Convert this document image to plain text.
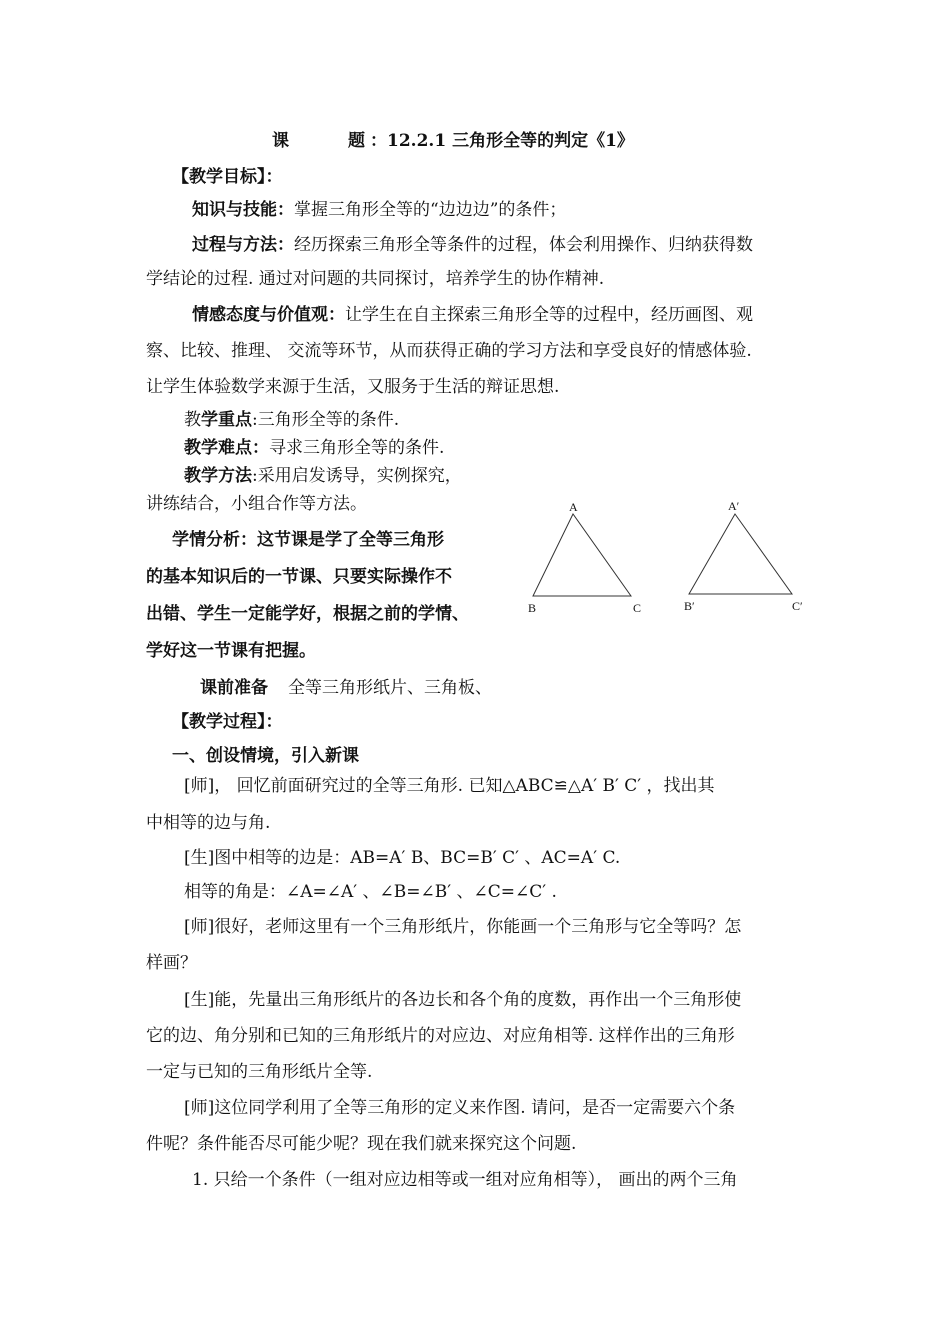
课	题 ：12.2.1 三角形全等的判定《1》
【教学目标】：
知识与技能：掌握三角形全等的“边边边”的条件；
过程与方法：经历探索三角形全等条件的过程，体会利用操作、归纳获得数
学结论的过程. 通过对问题的共同探讨，培养学生的协作精神.
情感态度与价值观：让学生在自主探索三角形全等的过程中，经历画图、观
察、比较、推理、 交流等环节，从而获得正确的学习方法和享受良好的情感体验.
让学生体验数学来源于生活，又服务于生活的辩证思想.
教学重点:三角形全等的条件.
教学难点：寻求三角形全等的条件.
教学方法:采用启发诱导，实例探究，
讲练结合，小组合作等方法。
学情分析：这节课是学了全等三角形
的基本知识后的一节课、只要实际操作不
出错、学生一定能学好，根据之前的学情、
学好这一节课有把握。
A
B	C
A′
B′	C′
课前准备 全等三角形纸片、三角板、
【教学过程】：
一、创设情境，引入新课
[师]， 回忆前面研究过的全等三角形. 已知△ABC≌△A′ B′ C′ ，找出其
中相等的边与角.
[生]图中相等的边是：AB=A′ B、BC=B′ C′ 、AC=A′ C.
相等的角是：∠A=∠A′ 、∠B=∠B′ 、∠C=∠C′ .
[师]很好，老师这里有一个三角形纸片，你能画一个三角形与它全等吗？怎
样画？
[生]能，先量出三角形纸片的各边长和各个角的度数，再作出一个三角形使
它的边、角分别和已知的三角形纸片的对应边、对应角相等. 这样作出的三角形
一定与已知的三角形纸片全等.
[师]这位同学利用了全等三角形的定义来作图. 请问，是否一定需要六个条
件呢？条件能否尽可能少呢？现在我们就来探究这个问题.
1. 只给一个条件（一组对应边相等或一组对应角相等）， 画出的两个三角
